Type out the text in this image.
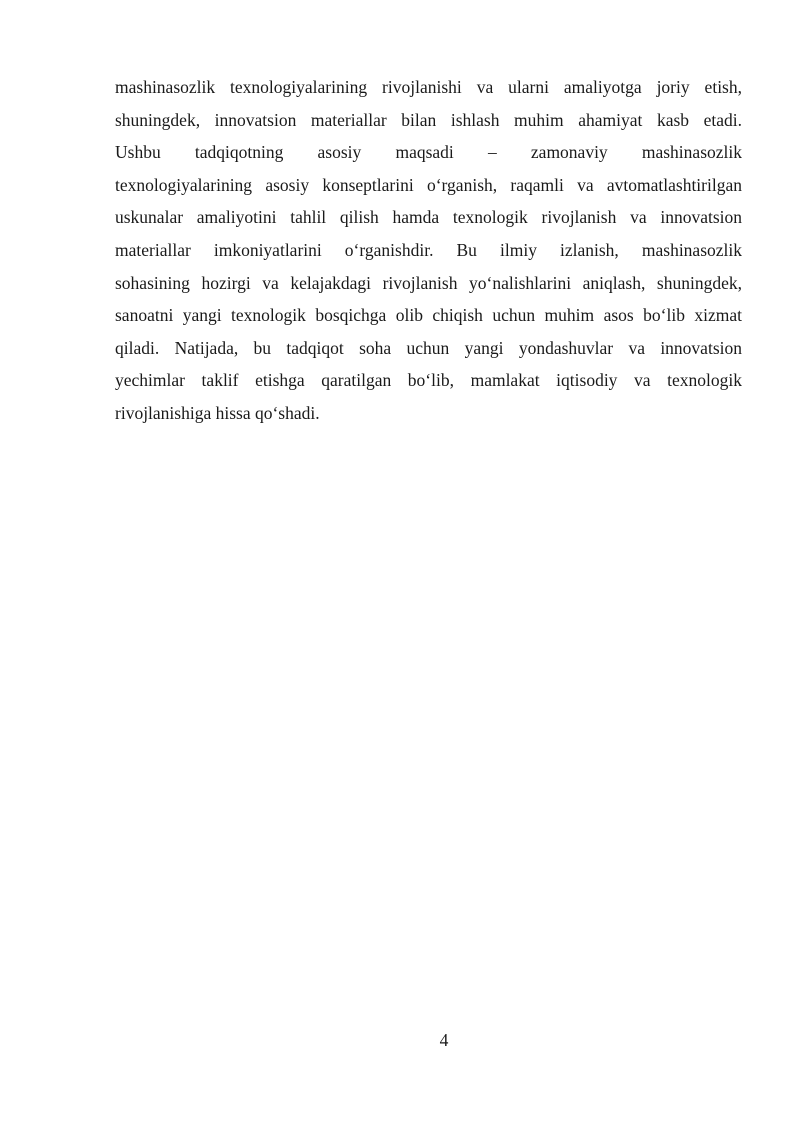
mashinasozlik texnologiyalarining rivojlanishi va ularni amaliyotga joriy etish,
shuningdek, innovatsion materiallar bilan ishlash muhim ahamiyat kasb etadi.
Ushbu tadqiqotning asosiy maqsadi – zamonaviy mashinasozlik
texnologiyalarining asosiy konseptlarini oʻrganish, raqamli va avtomatlashtirilgan
uskunalar amaliyotini tahlil qilish hamda texnologik rivojlanish va innovatsion
materiallar imkoniyatlarini oʻrganishdir. Bu ilmiy izlanish, mashinasozlik
sohasining hozirgi va kelajakdagi rivojlanish yoʻnalishlarini aniqlash, shuningdek,
sanoatni yangi texnologik bosqichga olib chiqish uchun muhim asos boʻlib xizmat
qiladi. Natijada, bu tadqiqot soha uchun yangi yondashuvlar va innovatsion
yechimlar taklif etishga qaratilgan boʻlib, mamlakat iqtisodiy va texnologik
rivojlanishiga hissa qoʻshadi.

4
